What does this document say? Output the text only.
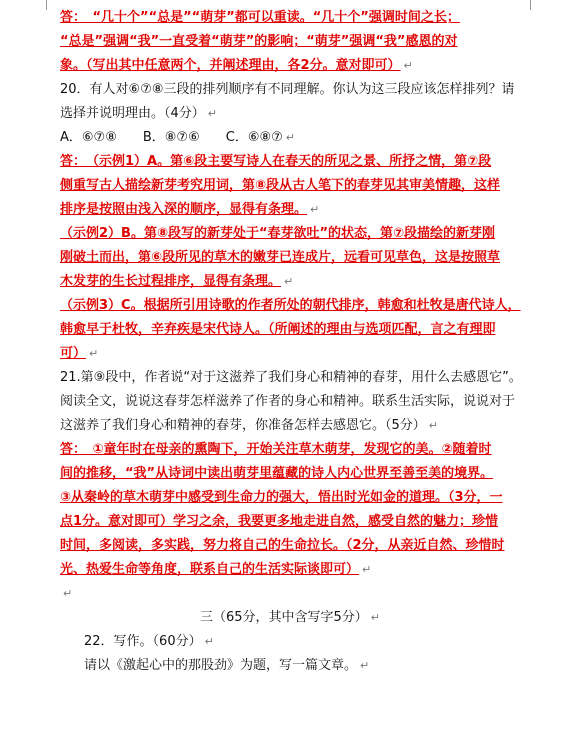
答：　“几十个”“总是”“萌芽”都可以重读。“几十个”强调时间之长；
“总是”强调“我”一直受着“萌芽”的影响；“萌芽”强调“我”感恩的对
象。（写出其中任意两个，并阐述理由，各2分。意对即可） ↵
20．有人对⑥⑦⑧三段的排列顺序有不同理解。你认为这三段应该怎样排列？请
选择并说明理由。（4分） ↵
A．⑥⑦⑧　　B．⑧⑦⑥　　C．⑥⑧⑦ ↵
答：　（示例1）A。第⑥段主要写诗人在春天的所见之景、所抒之情，第⑦段
侧重写古人描绘新芽考究用词，第⑧段从古人笔下的春芽见其审美情趣，这样
排序是按照由浅入深的顺序，显得有条理。 ↵
（示例2）B。第⑧段写的新芽处于“春芽欲吐”的状态，第⑦段描绘的新芽刚
刚破土而出，第⑥段所见的草木的嫩芽已连成片，远看可见草色，这是按照草
木发芽的生长过程排序，显得有条理。 ↵
（示例3）C。根据所引用诗歌的作者所处的朝代排序，韩愈和杜牧是唐代诗人，
韩愈早于杜牧，辛弃疾是宋代诗人。（所阐述的理由与选项匹配，言之有理即
可） ↵
21.第⑨段中，作者说“对于这滋养了我们身心和精神的春芽，用什么去感恩它”。
阅读全文，说说这春芽怎样滋养了作者的身心和精神。联系生活实际，说说对于
这滋养了我们身心和精神的春芽，你准备怎样去感恩它。（5分） ↵
答：　①童年时在母亲的熏陶下，开始关注草木萌芽，发现它的美。②随着时
间的推移，“我”从诗词中读出萌芽里蕴藏的诗人内心世界至善至美的境界。
③从秦岭的草木萌芽中感受到生命力的强大，悟出时光如金的道理。（3分，一
点1分。意对即可）学习之余，我要更多地走进自然，感受自然的魅力；珍惜
时间，多阅读，多实践，努力将自己的生命拉长。（2分，从亲近自然、珍惜时
光、热爱生命等角度，联系自己的生活实际谈即可） ↵
↵
三（65分，其中含写字5分） ↵
22．写作。（60分） ↵
请以《激起心中的那股劲》为题，写一篇文章。 ↵
